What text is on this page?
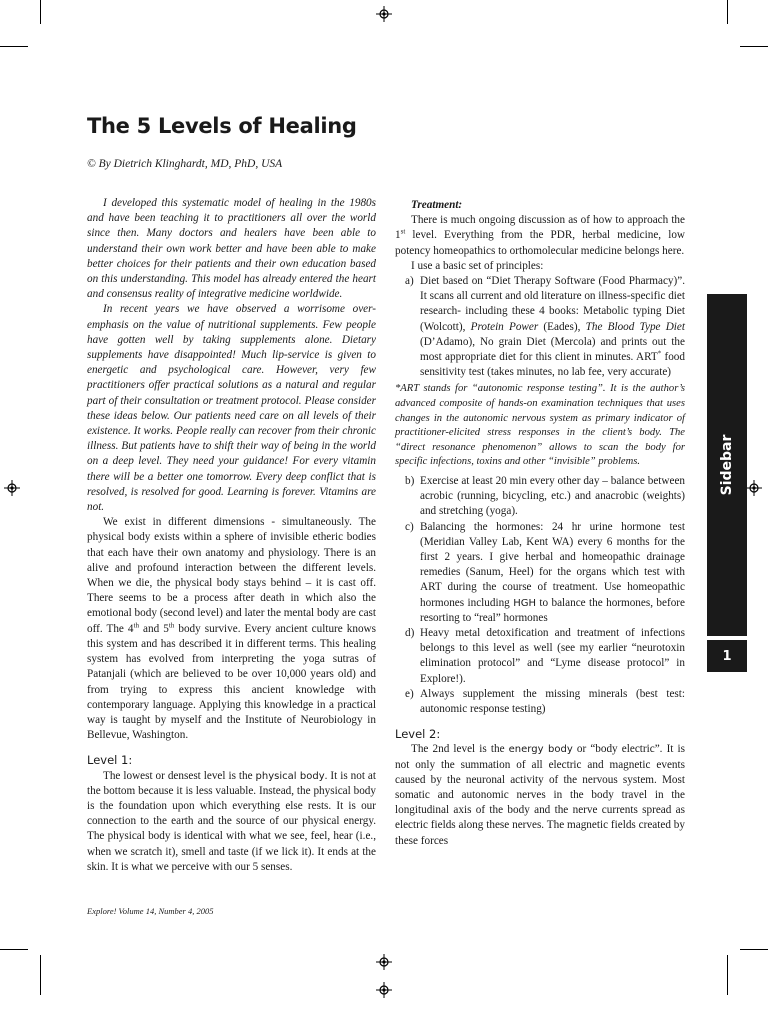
The 5 Levels of Healing
© By Dietrich Klinghardt, MD, PhD, USA

I developed this systematic model of healing in the 1980s and have been teaching it to practitioners all over the world since then. Many doctors and healers have been able to understand their own work better and have been able to make better choices for their patients and their own education based on this understanding. This model has already entered the heart and consensus reality of integrative medicine worldwide.

In recent years we have observed a worrisome over-emphasis on the value of nutritional supplements. Few people have gotten well by taking supplements alone. Dietary supplements have disappointed! Much lip-service is given to energetic and psychological care. However, very few practitioners offer practical solutions as a natural and regular part of their consultation or treatment protocol. Please consider these ideas below. Our patients need care on all levels of their existence. It works. People really can recover from their chronic illness. But patients have to shift their way of being in the world on a deep level. They need your guidance! For every vitamin there will be a better one tomorrow. Every deep conflict that is resolved, is resolved for good. Learning is forever. Vitamins are not.

We exist in different dimensions - simultaneously. The physical body exists within a sphere of invisible etheric bodies that each have their own anatomy and physiology. There is an alive and profound interaction between the different levels. When we die, the physical body stays behind – it is cast off. There seems to be a process after death in which also the emotional body (second level) and later the mental body are cast off. The 4th and 5th body survive. Every ancient culture knows this system and has described it in different terms. This healing system has evolved from interpreting the yoga sutras of Patanjali (which are believed to be over 10,000 years old) and from trying to express this ancient knowledge with contemporary language. Applying this knowledge in a practical way is taught by myself and the Institute of Neurobiology in Bellevue, Washington.

Level 1:

The lowest or densest level is the physical body. It is not at the bottom because it is less valuable. Instead, the physical body is the foundation upon which everything else rests. It is our connection to the earth and the source of our physical energy. The physical body is identical with what we see, feel, hear (i.e., when we scratch it), smell and taste (if we lick it). It ends at the skin. It is what we perceive with our 5 senses.

Treatment:

There is much ongoing discussion as of how to approach the 1st level. Everything from the PDR, herbal medicine, low potency homeopathics to orthomolecular medicine belongs here.

I use a basic set of principles:

a) Diet based on “Diet Therapy Software (Food Pharmacy)”. It scans all current and old literature on illness-specific diet research- including these 4 books: Metabolic typing Diet (Wolcott), Protein Power (Eades), The Blood Type Diet (D’Adamo), No grain Diet (Mercola) and prints out the most appropriate diet for this client in minutes. ART* food sensitivity test (takes minutes, no lab fee, very accurate)

*ART stands for “autonomic response testing”. It is the author’s advanced composite of hands-on examination techniques that uses changes in the autonomic nervous system as primary indicator of practitioner-elicited stress responses in the client’s body. The “direct resonance phenomenon” allows to scan the body for specific infections, toxins and other “invisible” problems.

b) Exercise at least 20 min every other day – balance between acrobic (running, bicycling, etc.) and anacrobic (weights) and stretching (yoga).
c) Balancing the hormones: 24 hr urine hormone test (Meridian Valley Lab, Kent WA) every 6 months for the first 2 years. I give herbal and homeopathic drainage remedies (Sanum, Heel) for the organs which test with ART during the course of treatment. Use homeopathic hormones including HGH to balance the hormones, before resorting to “real” hormones
d) Heavy metal detoxification and treatment of infections belongs to this level as well (see my earlier “neurotoxin elimination protocol” and “Lyme disease protocol” in Explore!).
e) Always supplement the missing minerals (best test: autonomic response testing)

Level 2:

The 2nd level is the energy body or “body electric”. It is not only the summation of all electric and magnetic events caused by the neuronal activity of the nervous system. Most somatic and autonomic nerves in the body travel in the longitudinal axis of the body and the nerve currents spread as electric fields along these nerves. The magnetic fields created by these forces

Sidebar
1
Explore! Volume 14, Number 4, 2005
